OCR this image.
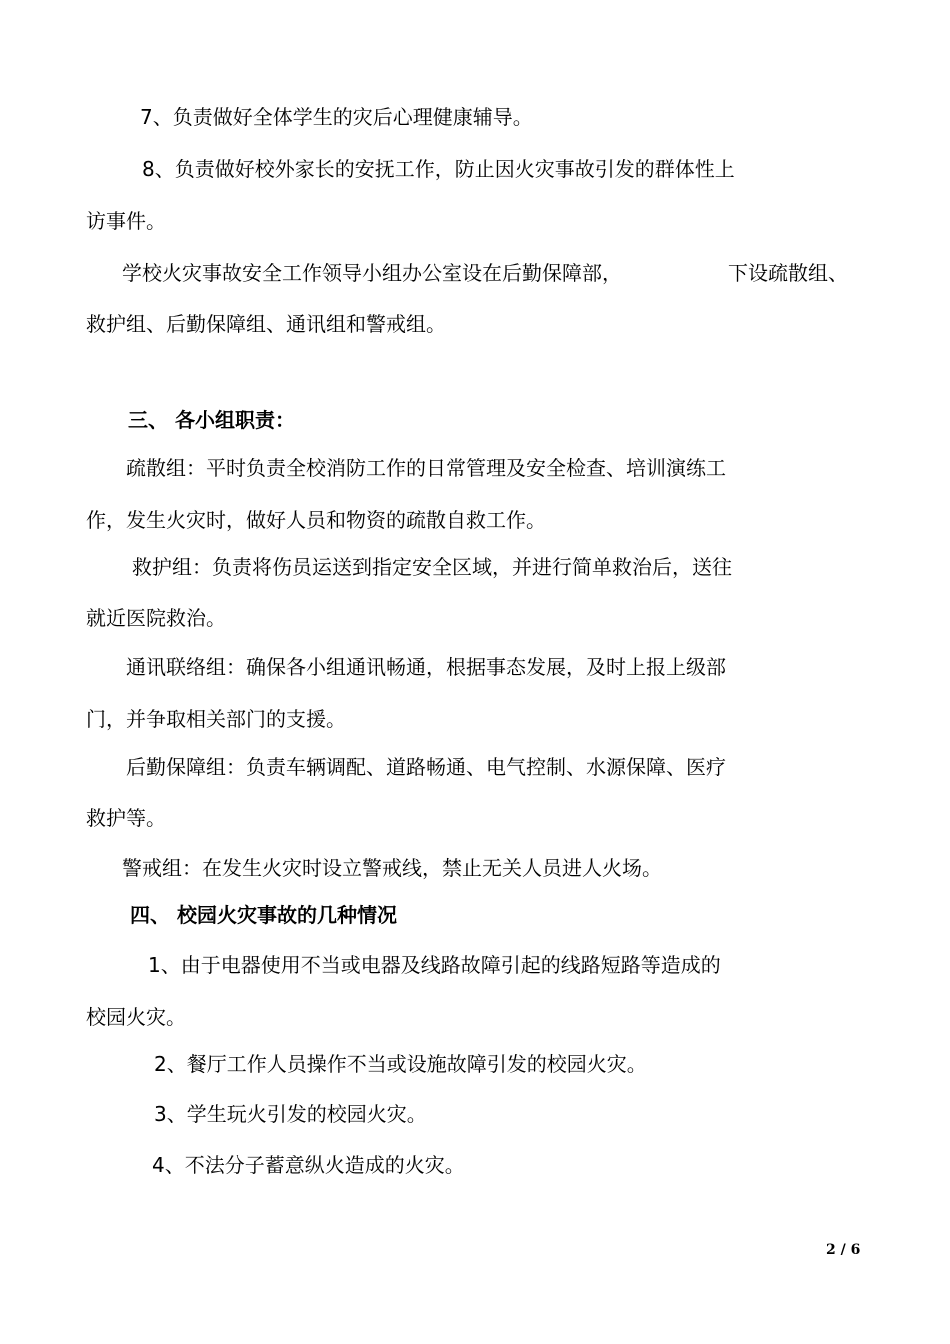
7、负责做好全体学生的灾后心理健康辅导。
8、负责做好校外家长的安抚工作，防止因火灾事故引发的群体性上
访事件。
学校火灾事故安全工作领导小组办公室设在后勤保障部，	下设疏散组、
救护组、后勤保障组、通讯组和警戒组。
三、 各小组职责：
疏散组：平时负责全校消防工作的日常管理及安全检查、培训演练工
作，发生火灾时，做好人员和物资的疏散自救工作。
救护组：负责将伤员运送到指定安全区域，并进行简单救治后，送往
就近医院救治。
通讯联络组：确保各小组通讯畅通，根据事态发展，及时上报上级部
门，并争取相关部门的支援。
后勤保障组：负责车辆调配、道路畅通、电气控制、水源保障、医疗
救护等。
警戒组：在发生火灾时设立警戒线，禁止无关人员进人火场。
四、 校园火灾事故的几种情况
1、由于电器使用不当或电器及线路故障引起的线路短路等造成的
校园火灾。
2、餐厅工作人员操作不当或设施故障引发的校园火灾。
3、学生玩火引发的校园火灾。
4、不法分子蓄意纵火造成的火灾。
2 / 6
